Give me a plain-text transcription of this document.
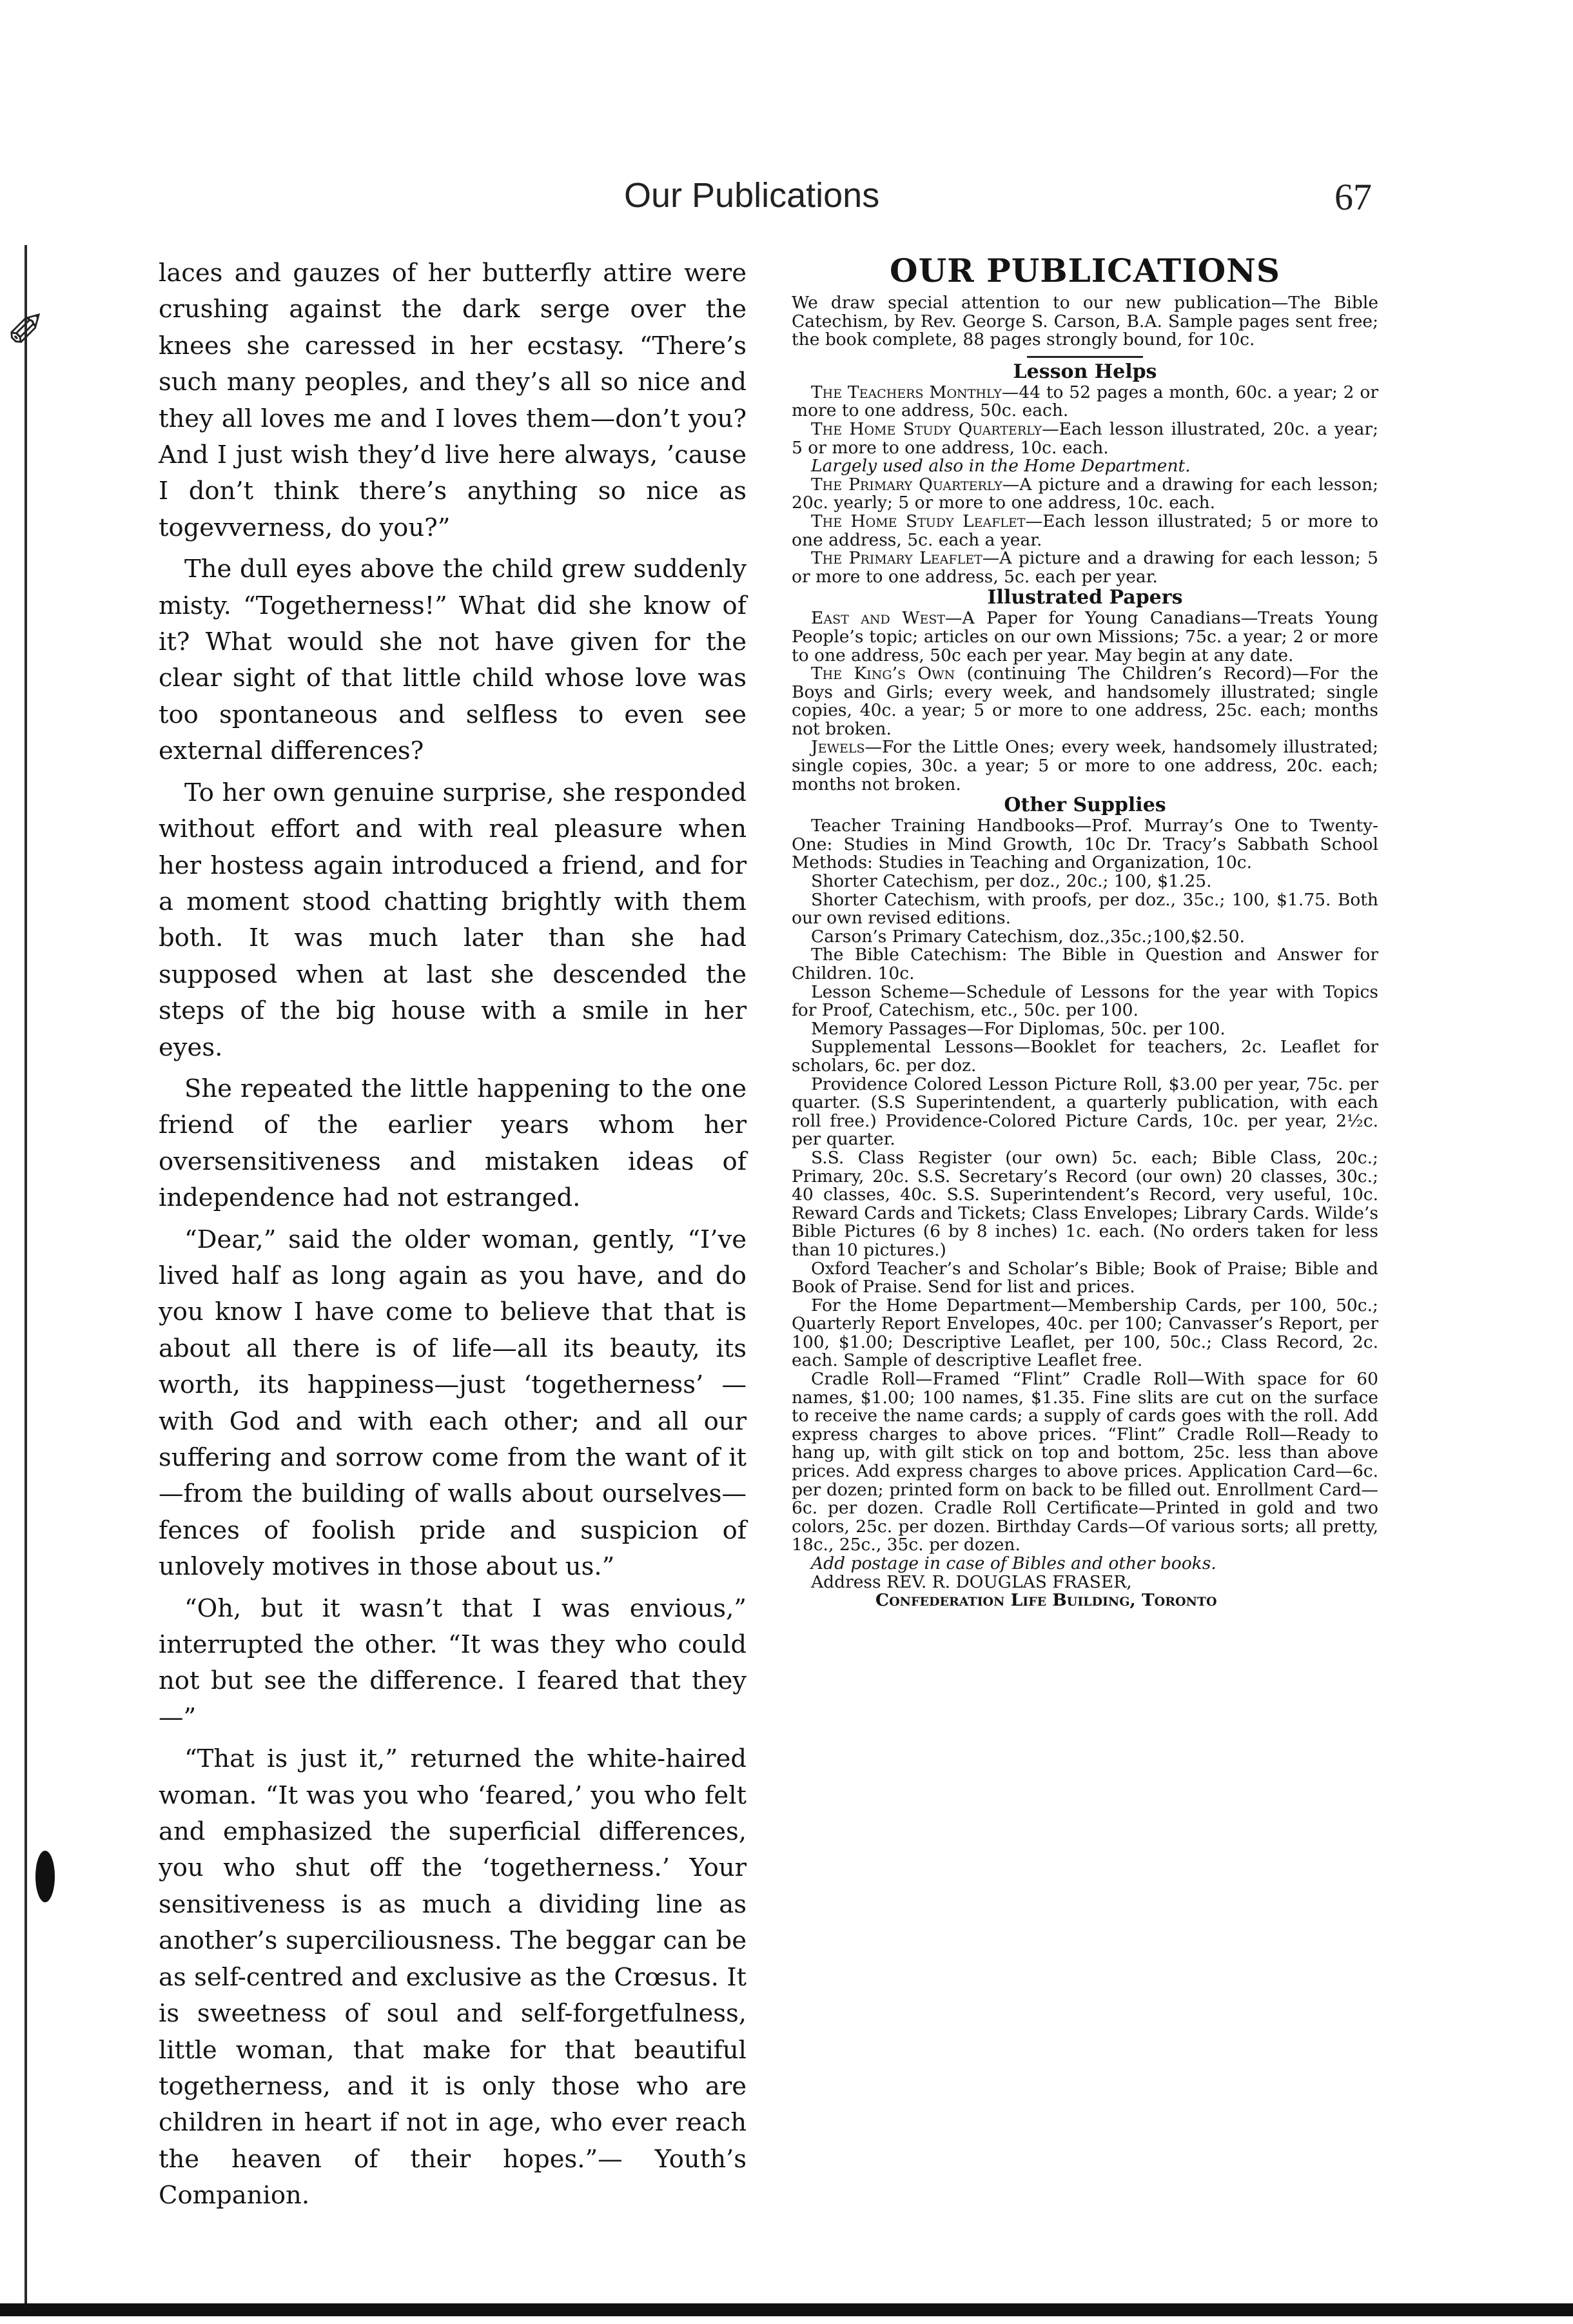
✐
Our Publications	67

laces and gauzes of her butterfly attire were crushing against the dark serge over the knees she caressed in her ecstasy. “There’s such many peoples, and they’s all so nice and they all loves me and I loves them—don’t you? And I just wish they’d live here always, ’cause I don’t think there’s anything so nice as togevverness, do you?”

The dull eyes above the child grew suddenly misty. “Togetherness!” What did she know of it? What would she not have given for the clear sight of that little child whose love was too spontaneous and selfless to even see external differences?

To her own genuine surprise, she responded without effort and with real pleasure when her hostess again introduced a friend, and for a moment stood chatting brightly with them both. It was much later than she had supposed when at last she descended the steps of the big house with a smile in her eyes.

She repeated the little happening to the one friend of the earlier years whom her oversensitiveness and mistaken ideas of independence had not estranged.

“Dear,” said the older woman, gently, “I’ve lived half as long again as you have, and do you know I have come to believe that that is about all there is of life—all its beauty, its worth, its happiness—just ‘togetherness’ —with God and with each other; and all our suffering and sorrow come from the want of it —from the building of walls about ourselves— fences of foolish pride and suspicion of unlovely motives in those about us.”

“Oh, but it wasn’t that I was envious,” interrupted the other. “It was they who could not but see the difference. I feared that they—”

“That is just it,” returned the white-haired woman. “It was you who ‘feared,’ you who felt and emphasized the superficial differences, you who shut off the ‘togetherness.’ Your sensitiveness is as much a dividing line as another’s superciliousness. The beggar can be as self-centred and exclusive as the Crœsus. It is sweetness of soul and self-forgetfulness, little woman, that make for that beautiful togetherness, and it is only those who are children in heart if not in age, who ever reach the heaven of their hopes.”— Youth’s Companion.

OUR PUBLICATIONS
We draw special attention to our new publication—The Bible Catechism, by Rev. George S. Carson, B.A. Sample pages sent free; the book complete, 88 pages strongly bound, for 10c.
Lesson Helps
The Teachers Monthly—44 to 52 pages a month, 60c. a year; 2 or more to one address, 50c. each.
The Home Study Quarterly—Each lesson illustrated, 20c. a year; 5 or more to one address, 10c. each.
Largely used also in the Home Department.
The Primary Quarterly—A picture and a drawing for each lesson; 20c. yearly; 5 or more to one address, 10c. each.
The Home Study Leaflet—Each lesson illustrated; 5 or more to one address, 5c. each a year.
The Primary Leaflet—A picture and a drawing for each lesson; 5 or more to one address, 5c. each per year.
Illustrated Papers
East and West—A Paper for Young Canadians—Treats Young People’s topic; articles on our own Missions; 75c. a year; 2 or more to one address, 50c each per year. May begin at any date.
The King’s Own (continuing The Children’s Record)—For the Boys and Girls; every week, and handsomely illustrated; single copies, 40c. a year; 5 or more to one address, 25c. each; months not broken.
Jewels—For the Little Ones; every week, handsomely illustrated; single copies, 30c. a year; 5 or more to one address, 20c. each; months not broken.
Other Supplies
Teacher Training Handbooks—Prof. Murray’s One to Twenty-One: Studies in Mind Growth, 10c Dr. Tracy’s Sabbath School Methods: Studies in Teaching and Organization, 10c.
Shorter Catechism, per doz., 20c.; 100, $1.25.
Shorter Catechism, with proofs, per doz., 35c.; 100, $1.75. Both our own revised editions.
Carson’s Primary Catechism, doz.,35c.;100,$2.50.
The Bible Catechism: The Bible in Question and Answer for Children. 10c.
Lesson Scheme—Schedule of Lessons for the year with Topics for Proof, Catechism, etc., 50c. per 100.
Memory Passages—For Diplomas, 50c. per 100.
Supplemental Lessons—Booklet for teachers, 2c. Leaflet for scholars, 6c. per doz.
Providence Colored Lesson Picture Roll, $3.00 per year, 75c. per quarter. (S.S Superintendent, a quarterly publication, with each roll free.) Providence-Colored Picture Cards, 10c. per year, 2½c. per quarter.
S.S. Class Register (our own) 5c. each; Bible Class, 20c.; Primary, 20c. S.S. Secretary’s Record (our own) 20 classes, 30c.; 40 classes, 40c. S.S. Superintendent’s Record, very useful, 10c. Reward Cards and Tickets; Class Envelopes; Library Cards. Wilde’s Bible Pictures (6 by 8 inches) 1c. each. (No orders taken for less than 10 pictures.)
Oxford Teacher’s and Scholar’s Bible; Book of Praise; Bible and Book of Praise. Send for list and prices.
For the Home Department—Membership Cards, per 100, 50c.; Quarterly Report Envelopes, 40c. per 100; Canvasser’s Report, per 100, $1.00; Descriptive Leaflet, per 100, 50c.; Class Record, 2c. each. Sample of descriptive Leaflet free.
Cradle Roll—Framed “Flint” Cradle Roll—With space for 60 names, $1.00; 100 names, $1.35. Fine slits are cut on the surface to receive the name cards; a supply of cards goes with the roll. Add express charges to above prices. “Flint” Cradle Roll—Ready to hang up, with gilt stick on top and bottom, 25c. less than above prices. Add express charges to above prices. Application Card—6c. per dozen; printed form on back to be filled out. Enrollment Card—6c. per dozen. Cradle Roll Certificate—Printed in gold and two colors, 25c. per dozen. Birthday Cards—Of various sorts; all pretty, 18c., 25c., 35c. per dozen.
Add postage in case of Bibles and other books.
Address REV. R. DOUGLAS FRASER,
Confederation Life Building, Toronto
